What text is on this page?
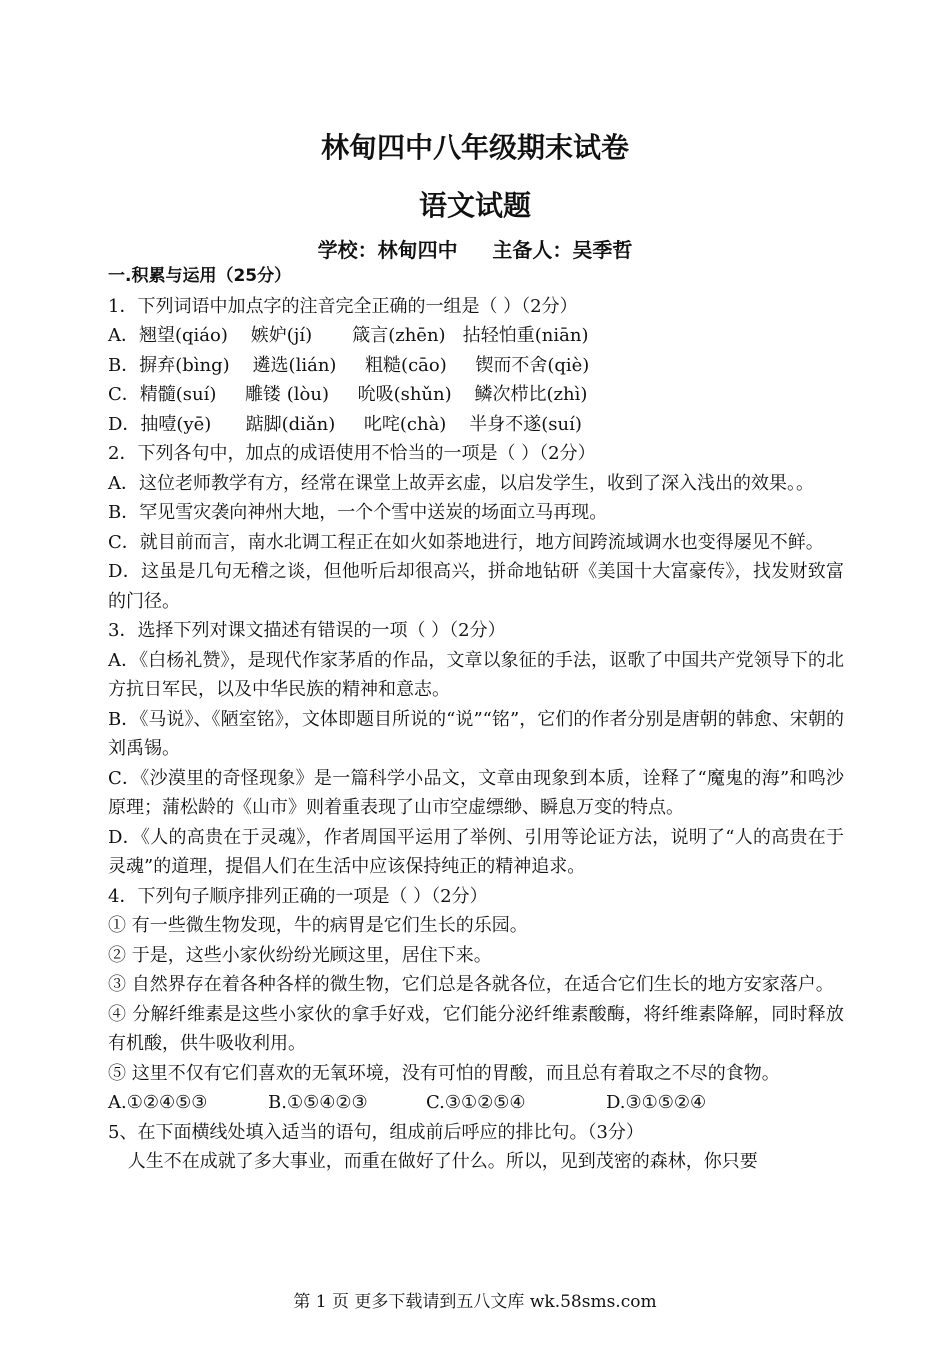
林甸四中八年级期末试卷
语文试题
学校：林甸四中     主备人：吴季哲

一.积累与运用（25分）

1．下列词语中加点字的注音完全正确的一组是（ ）（2分）

A．翘望(qiáo)    嫉妒(jí)       箴言(zhēn)   拈轻怕重(niān)

B．摒弃(bìng)    遴选(lián)     粗糙(cāo)     锲而不舍(qiè)

C．精髓(suí)     雕镂 (lòu)     吮吸(shǔn)    鳞次栉比(zhì)

D．抽噎(yē)      踮脚(diǎn)     叱咤(chà)    半身不遂(suí)

2．下列各句中，加点的成语使用不恰当的一项是（ ）（2分）

A．这位老师教学有方，经常在课堂上故弄玄虚，以启发学生，收到了深入浅出的效果。。

B．罕见雪灾袭向神州大地，一个个雪中送炭的场面立马再现。

C．就目前而言，南水北调工程正在如火如荼地进行，地方间跨流域调水也变得屡见不鲜。

D．这虽是几句无稽之谈，但他听后却很高兴，拼命地钻研《美国十大富豪传》，找发财致富的门径。

3．选择下列对课文描述有错误的一项（ ）（2分）

A．《白杨礼赞》，是现代作家茅盾的作品，文章以象征的手法，讴歌了中国共产党领导下的北方抗日军民，以及中华民族的精神和意志。

B．《马说》、《陋室铭》，文体即题目所说的“说”“铭”，它们的作者分别是唐朝的韩愈、宋朝的刘禹锡。

C．《沙漠里的奇怪现象》是一篇科学小品文，文章由现象到本质，诠释了“魔鬼的海”和鸣沙原理；蒲松龄的《山市》则着重表现了山市空虚缥缈、瞬息万变的特点。

D．《人的高贵在于灵魂》，作者周国平运用了举例、引用等论证方法，说明了“人的高贵在于灵魂”的道理，提倡人们在生活中应该保持纯正的精神追求。

4．下列句子顺序排列正确的一项是（ ）（2分）

① 有一些微生物发现，牛的病胃是它们生长的乐园。

② 于是，这些小家伙纷纷光顾这里，居住下来。

③ 自然界存在着各种各样的微生物，它们总是各就各位，在适合它们生长的地方安家落户。

④ 分解纤维素是这些小家伙的拿手好戏，它们能分泌纤维素酸酶，将纤维素降解，同时释放有机酸，供牛吸收利用。

⑤ 这里不仅有它们喜欢的无氧环境，没有可怕的胃酸，而且总有着取之不尽的食物。

A.①②④⑤③	B.①⑤④②③	C.③①②⑤④	D.③①⑤②④

5、在下面横线处填入适当的语句，组成前后呼应的排比句。（3分）

人生不在成就了多大事业，而重在做好了什么。所以，见到茂密的森林，你只要

第 1 页 更多下载请到五八文库 wk.58sms.com
